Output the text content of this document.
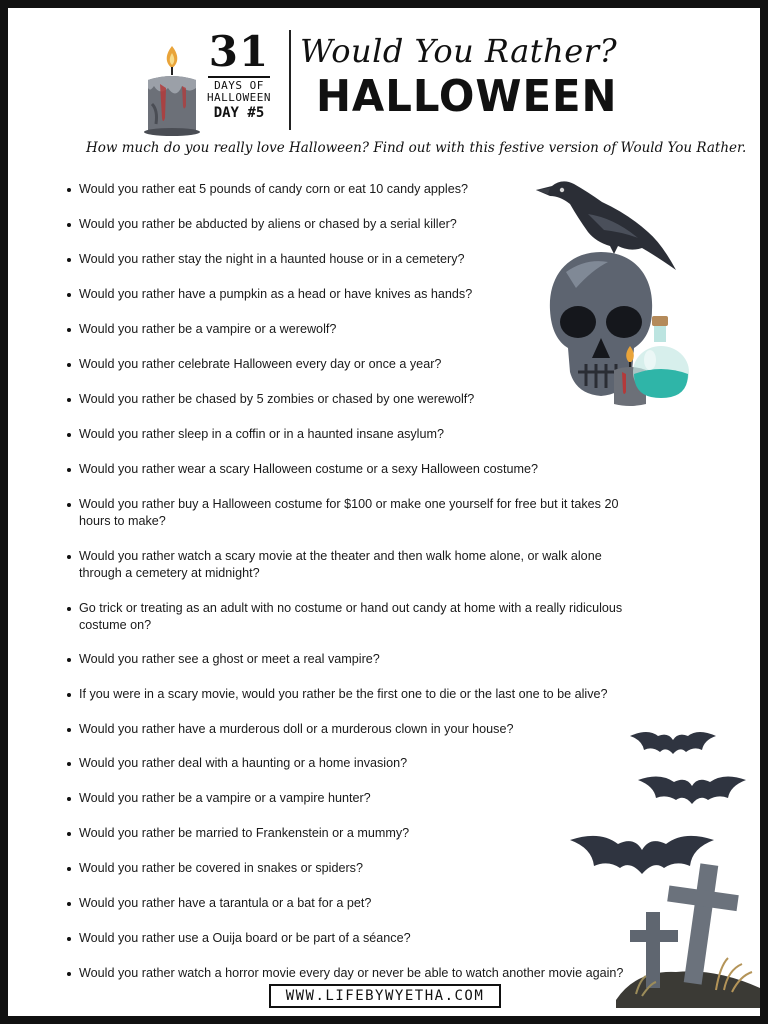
31
DAYS OF
HALLOWEEN
DAY #5
Would You Rather?
HALLOWEEN
How much do you really love Halloween? Find out with this festive version of Would You Rather.
Would you rather eat 5 pounds of candy corn or eat 10 candy apples?
Would you rather be abducted by aliens or chased by a serial killer?
Would you rather stay the night in a haunted house or in a cemetery?
Would you rather have a pumpkin as a head or have knives as hands?
Would you rather be a vampire or a werewolf?
Would you rather celebrate Halloween every day or once a year?
Would you rather be chased by 5 zombies or chased by one werewolf?
Would you rather sleep in a coffin or in a haunted insane asylum?
Would you rather wear a scary Halloween costume or a sexy Halloween costume?
Would you rather buy a Halloween costume for $100 or make one yourself for free but it takes 20 hours to make?
Would you rather watch a scary movie at the theater and then walk home alone, or walk alone through a cemetery at midnight?
Go trick or treating as an adult with no costume or hand out candy at home with a really ridiculous costume on?
Would you rather see a ghost or meet a real vampire?
If you were in a scary movie, would you rather be the first one to die or the last one to be alive?
Would you rather have a murderous doll or a murderous clown in your house?
Would you rather deal with a haunting or a home invasion?
Would you rather be a vampire or a vampire hunter?
Would you rather be married to Frankenstein or a mummy?
Would you rather be covered in snakes or spiders?
Would you rather have a tarantula or a bat for a pet?
Would you rather use a Ouija board or be part of a séance?
Would you rather watch a horror movie every day or never be able to watch another movie again?
WWW.LIFEBYWYETHA.COM
